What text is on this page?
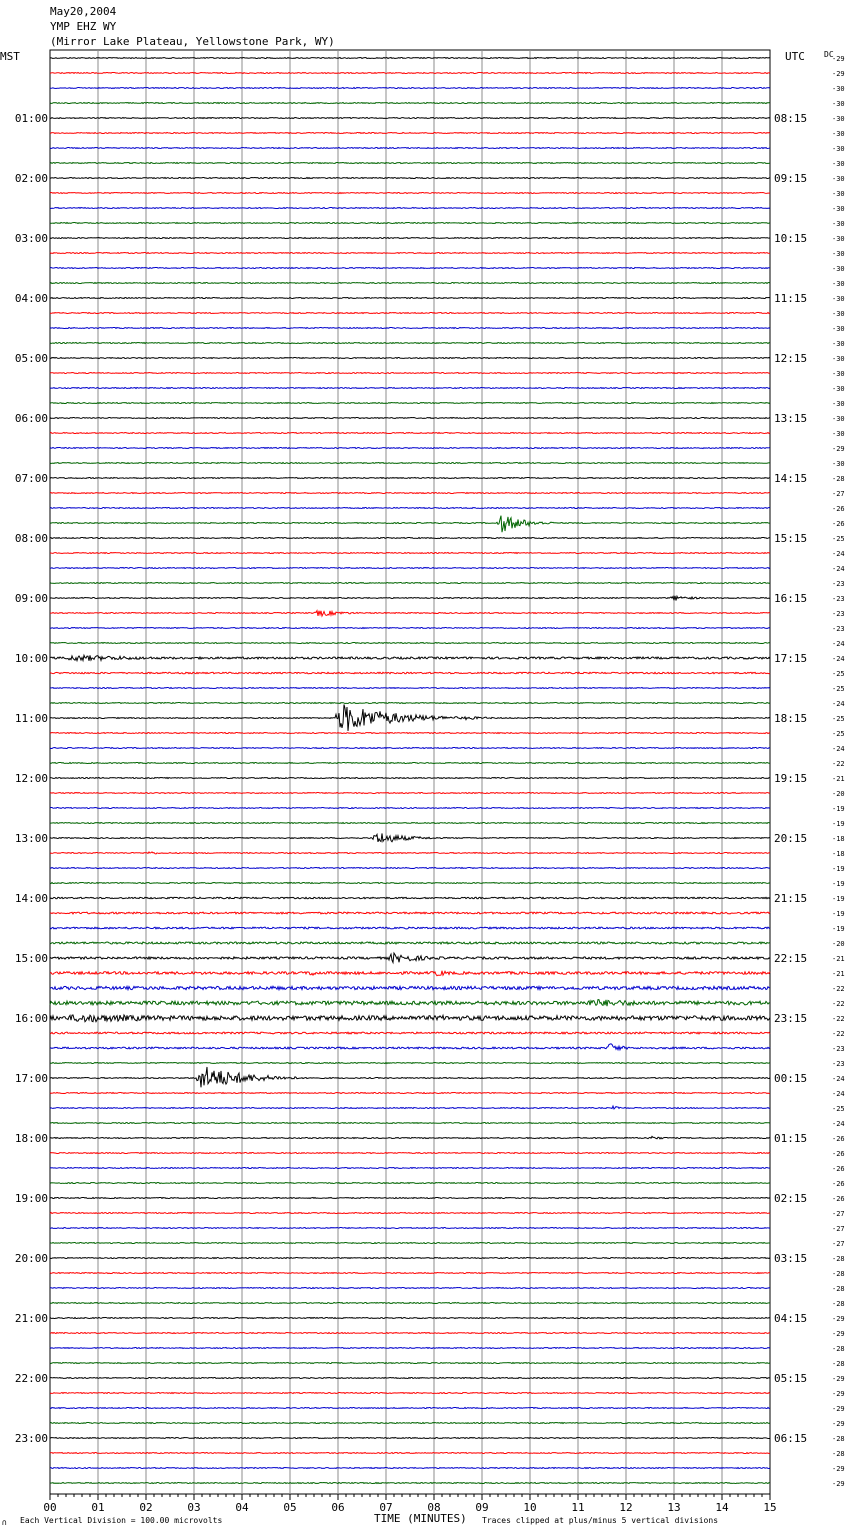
May20,2004
YMP EHZ WY
(Mirror Lake Plateau, Yellowstone Park, WY)
MST	UTC	-29
-29
-30
-30
-30
01:00	08:15
-30
-30
-30
-30
02:00	09:15
-30
-30
-30
-30
03:00	10:15
-30
-30
-30
-30
04:00	11:15
-30
-30
-30
-30
05:00	12:15
-30
-30
-30
-30
06:00	13:15
-30
-29
-30
-28
07:00	14:15
-27
-26
-26
-25
08:00	15:15
-24
-24
-23
-23
09:00	16:15
-23
-23
-24
-24
10:00	17:15
-25
-25
-24
-25
11:00	18:15
-25
-24
-22
-21
12:00	19:15
-20
-19
-19
-18
13:00	20:15
-18
-19
-19
-19
14:00	21:15
-19
-19
-20
-21
15:00	22:15
-21
-22
-22
-22
16:00	23:15
-22
-23
-23
-24
17:00	00:15
-24
-25
-24
-26
18:00	01:15
-26
-26
-26
-26
19:00	02:15
-27
-27
-27
-28
20:00	03:15
-28
-28
-28
-29
21:00	04:15
-29
-28
-28
-29
22:00	05:15
-29
-29
-29
-28
23:00	06:15
-28
-29
-29
DC
00	01	02	03	04	05	06	07	08	09	10	11	12	13	14	15
TIME (MINUTES)
∩ Each Vertical Division = 100.00 microvolts	Traces clipped at plus/minus 5 vertical divisions
